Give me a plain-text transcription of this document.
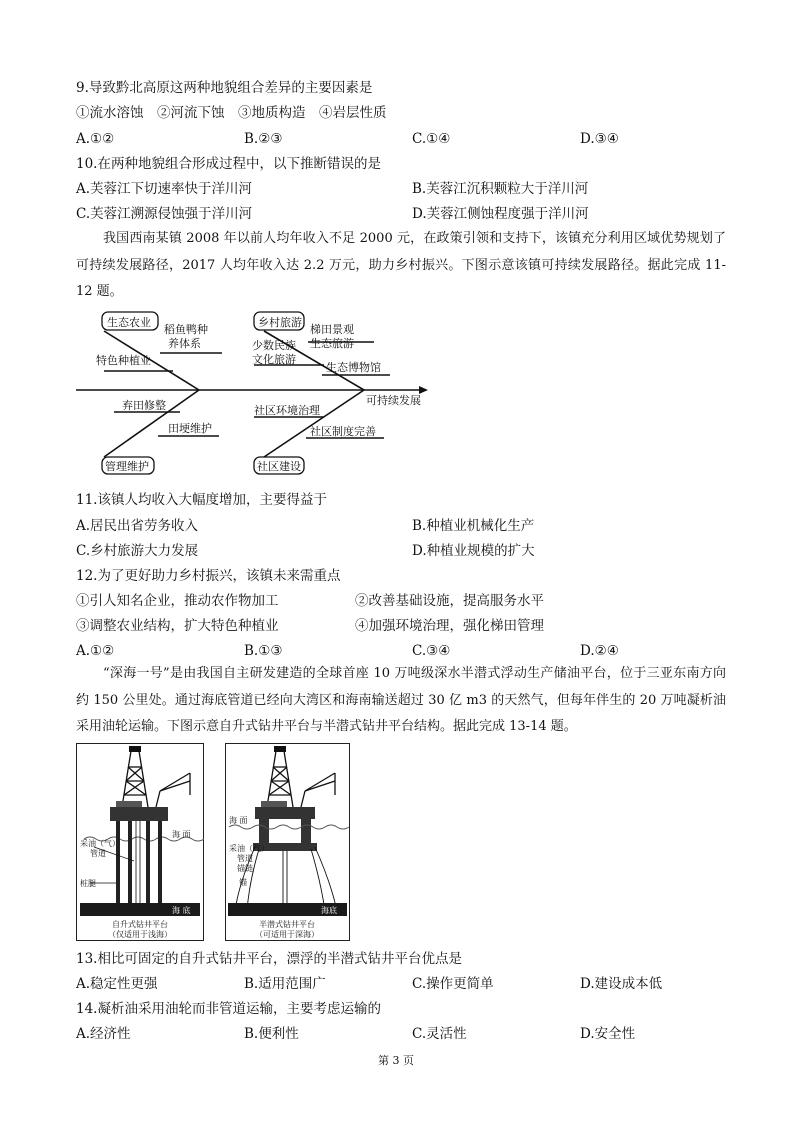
9.导致黔北高原这两种地貌组合差异的主要因素是
①流水溶蚀　②河流下蚀　③地质构造　④岩层性质
A.①②	B.②③	C.①④	D.③④
10.在两种地貌组合形成过程中，以下推断错误的是
A.芙蓉江下切速率快于洋川河	B.芙蓉江沉积颗粒大于洋川河
C.芙蓉江溯源侵蚀强于洋川河	D.芙蓉江侧蚀程度强于洋川河

我国西南某镇 2008 年以前人均年收入不足 2000 元，在政策引领和支持下，该镇充分利用区域优势规划了可持续发展路径，2017 人均年收入达 2.2 万元，助力乡村振兴。下图示意该镇可持续发展路径。据此完成 11-12 题。

生态农业	乡村旅游
管理维护	社区建设
稻鱼鸭种
养体系
特色种植业
梯田景观
生态旅游
少数民族
文化旅游
生态博物馆
可持续发展
弃田修整
田埂维护
社区环境治理
社区制度完善
11.该镇人均收入大幅度增加，主要得益于
A.居民出省劳务收入	B.种植业机械化生产
C.乡村旅游大力发展	D.种植业规模的扩大
12.为了更好助力乡村振兴，该镇未来需重点
①引人知名企业，推动农作物加工	②改善基础设施，提高服务水平
③调整农业结构，扩大特色种植业	④加强环境治理，强化梯田管理
A.①②	B.①③	C.③④	D.②④

“深海一号”是由我国自主研发建造的全球首座 10 万吨级深水半潜式浮动生产储油平台，位于三亚东南方向约 150 公里处。通过海底管道已经向大湾区和海南输送超过 30 亿 m3 的天然气，但每年伴生的 20 万吨凝析油采用油轮运输。下图示意自升式钻井平台与半潜式钻井平台结构。据此完成 13-14 题。

海 面
采油（气）
管道
桩腿
海 底
自升式钻井平台
（仅适用于浅海）
海 面
采油（气）
管道
锚链
锚
海底
半潜式钻井平台
（可适用于深海）
13.相比可固定的自升式钻井平台，漂浮的半潜式钻井平台优点是
A.稳定性更强	B.适用范围广	C.操作更简单	D.建设成本低
14.凝析油采用油轮而非管道运输，主要考虑运输的
A.经济性	B.便利性	C.灵活性	D.安全性
第 3 页
